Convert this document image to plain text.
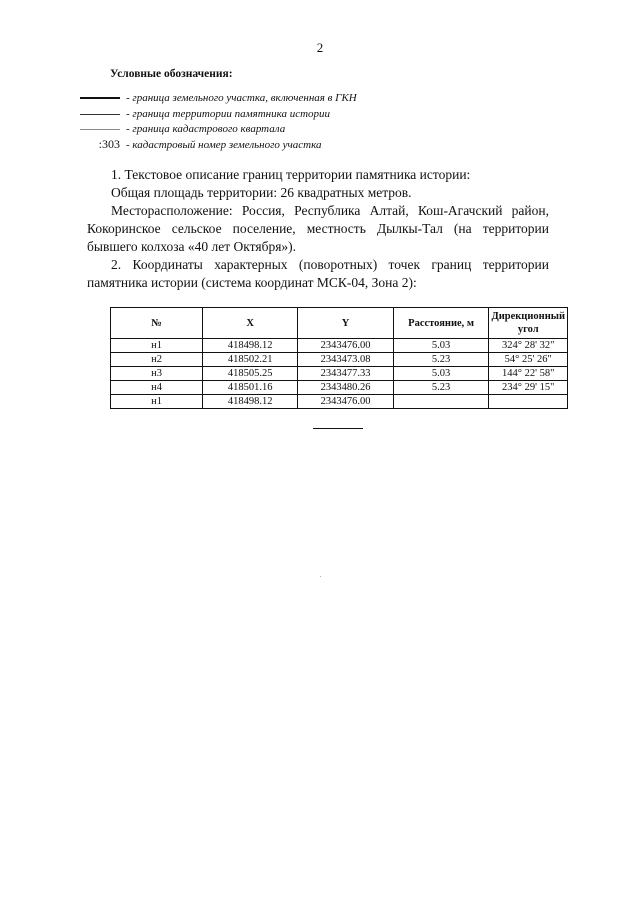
2
Условные обозначения:
- граница земельного участка, включенная в ГКН
- граница территории памятника истории
- граница кадастрового квартала
:303 - кадастровый номер земельного участка
1. Текстовое описание границ территории памятника истории:
Общая площадь территории: 26 квадратных метров.
Месторасположение: Россия, Республика Алтай, Кош-Агачский район, Кокоринское сельское поселение, местность Дылкы-Тал (на территории бывшего колхоза «40 лет Октября»).
2. Координаты характерных (поворотных) точек границ территории памятника истории (система координат МСК-04, Зона 2):
№	X	Y	Расстояние, м	Дирекционный угол
н1	418498.12	2343476.00	5.03	324° 28' 32"
н2	418502.21	2343473.08	5.23	54° 25' 26"
н3	418505.25	2343477.33	5.03	144° 22' 58"
н4	418501.16	2343480.26	5.23	234° 29' 15"
н1	418498.12	2343476.00		
